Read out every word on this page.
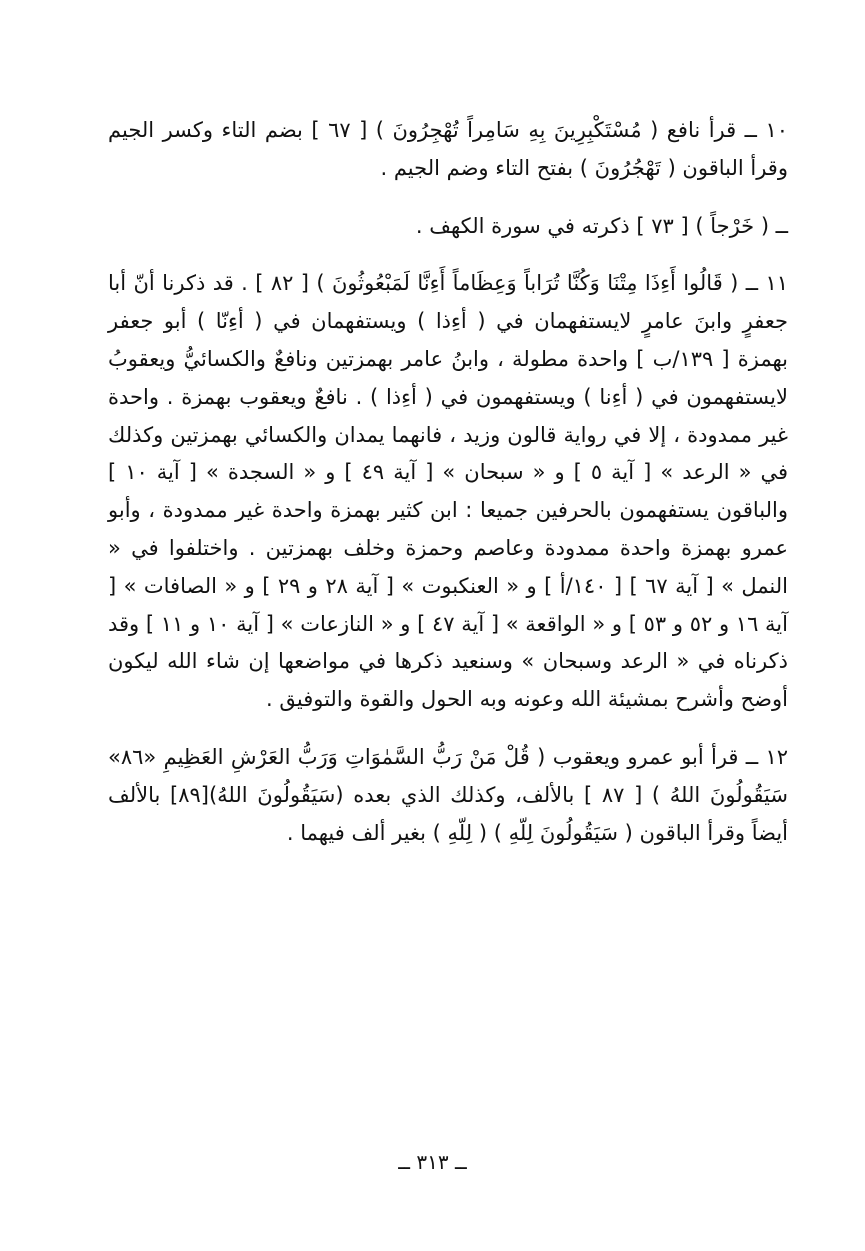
١٠ ــ قرأ نافع ( مُسْتَكْبِرِينَ بِهِ سَامِراً تُهْجِرُونَ ) [ ٦٧ ] بضم التاء وكسر الجيم وقرأ الباقون ( تَهْجُرُونَ ) بفتح التاء وضم الجيم .

ــ ( خَرْجاً ) [ ٧٣ ] ذكرته في سورة الكهف .

١١ ــ ( قَالُوا أَءِذَا مِتْنَا وَكُنَّا تُرَاباً وَعِظَاماً أَءِنَّا لَمَبْعُوثُونَ ) [ ٨٢ ] . قد ذكرنا أنّ أبا جعفرٍ وابنَ عامرٍ لايستفهمان في ( أءِذا ) ويستفهمان في ( أءِنّا ) أبو جعفر بهمزة [ ١٣٩/ب ] واحدة مطولة ، وابنُ عامر بهمزتين ونافعٌ والكسائيُّ ويعقوبُ لايستفهمون في ( أءِنا ) ويستفهمون في ( أءِذا ) . نافعٌ ويعقوب بهمزة . واحدة غير ممدودة ، إلا في رواية قالون وزيد ، فانهما يمدان والكسائي بهمزتين وكذلك في « الرعد » [ آية ٥ ] و « سبحان » [ آية ٤٩ ] و « السجدة » [ آية ١٠ ] والباقون يستفهمون بالحرفين جميعا : ابن كثير بهمزة واحدة غير ممدودة ، وأبو عمرو بهمزة واحدة ممدودة وعاصم وحمزة وخلف بهمزتين . واختلفوا في « النمل » [ آية ٦٧ ] [ ١٤٠/أ ] و « العنكبوت » [ آية ٢٨ و ٢٩ ] و « الصافات » [ آية ١٦ و ٥٢ و ٥٣ ] و « الواقعة » [ آية ٤٧ ] و « النازعات » [ آية ١٠ و ١١ ] وقد ذكرناه في « الرعد وسبحان » وسنعيد ذكرها في مواضعها إن شاء الله ليكون أوضح وأشرح بمشيئة الله وعونه وبه الحول والقوة والتوفيق .

١٢ ــ قرأ أبو عمرو ويعقوب ( قُلْ مَنْ رَبُّ السَّمٰوَاتِ وَرَبُّ العَرْشِ العَظِيمِ «٨٦» سَيَقُولُونَ اللهُ ) [ ٨٧ ] بالألف، وكذلك الذي بعده (سَيَقُولُونَ اللهُ)[٨٩] بالألف أيضاً وقرأ الباقون ( سَيَقُولُونَ لِلّهِ ) ( لِلّهِ ) بغير ألف فيهما .

ــ ٣١٣ ــ
